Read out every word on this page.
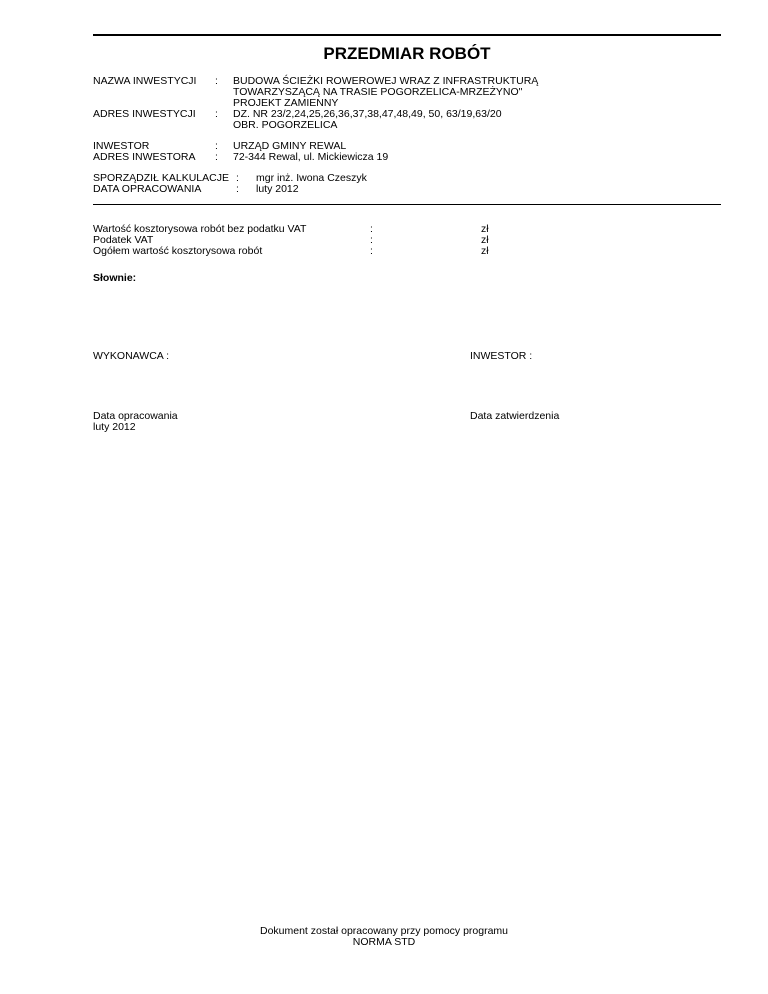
PRZEDMIAR ROBÓT
NAZWA INWESTYCJI : BUDOWA ŚCIEŻKI ROWEROWEJ WRAZ Z INFRASTRUKTURĄ
TOWARZYSZĄCĄ NA TRASIE POGORZELICA-MRZEŻYNO"
PROJEKT ZAMIENNY
ADRES INWESTYCJI : DZ. NR 23/2,24,25,26,36,37,38,47,48,49, 50, 63/19,63/20
OBR. POGORZELICA
INWESTOR	: URZĄD GMINY REWAL
ADRES INWESTORA : 72-344 Rewal, ul. Mickiewicza 19
SPORZĄDZIŁ KALKULACJE : mgr inż. Iwona Czeszyk
DATA OPRACOWANIA	: luty 2012
Wartość kosztorysowa robót bez podatku VAT	:	zł
Podatek VAT	:	zł
Ogółem wartość kosztorysowa robót	:	zł
Słownie:
WYKONAWCA :	INWESTOR :
Data opracowania
luty 2012
Data zatwierdzenia
Dokument został opracowany przy pomocy programu
NORMA STD
